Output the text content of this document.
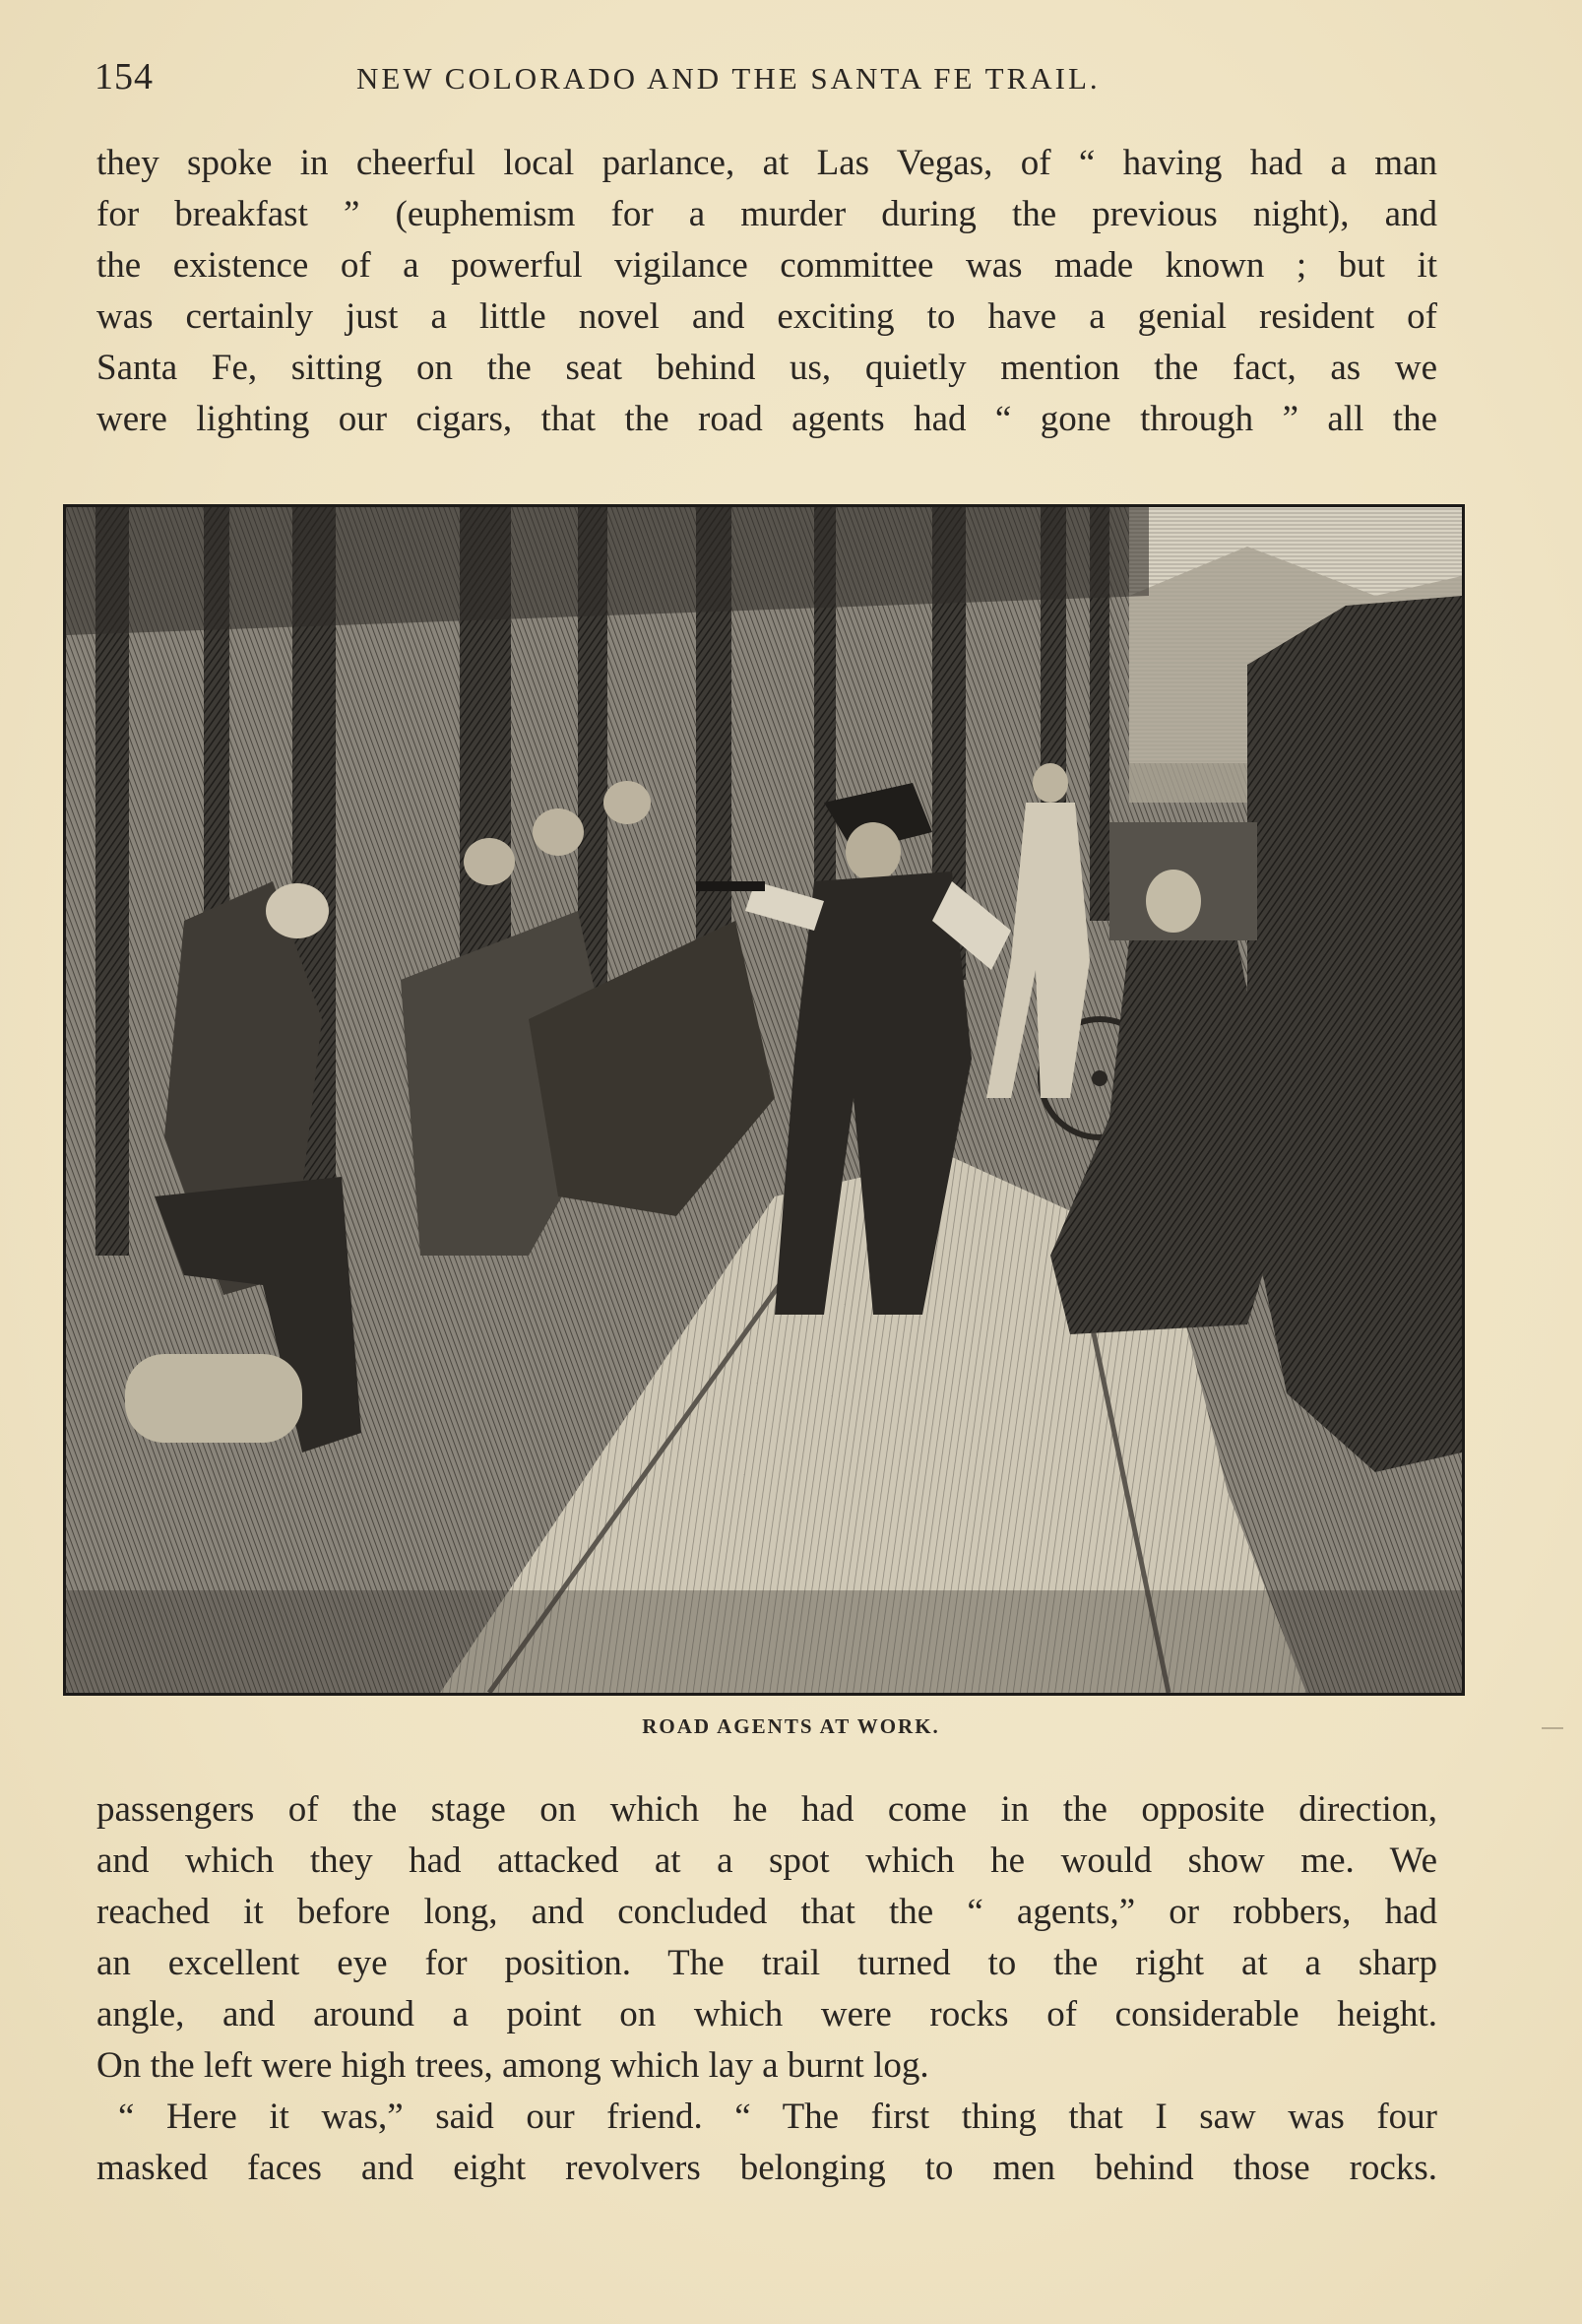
154	NEW COLORADO AND THE SANTA FE TRAIL.
they spoke in cheerful local parlance, at Las Vegas, of “ having had a man
for breakfast ” (euphemism for a murder during the previous night), and
the existence of a powerful vigilance committee was made known ; but it
was certainly just a little novel and exciting to have a genial resident of
Santa Fe, sitting on the seat behind us, quietly mention the fact, as we
were lighting our cigars, that the road agents had “ gone through ” all the
ROAD AGENTS AT WORK.
passengers of the stage on which he had come in the opposite direction,
and which they had attacked at a spot which he would show me. We
reached it before long, and concluded that the “ agents,” or robbers, had
an excellent eye for position. The trail turned to the right at a sharp
angle, and around a point on which were rocks of considerable height.
On the left were high trees, among which lay a burnt log.
“ Here it was,” said our friend. “ The first thing that I saw was four
masked faces and eight revolvers belonging to men behind those rocks.
